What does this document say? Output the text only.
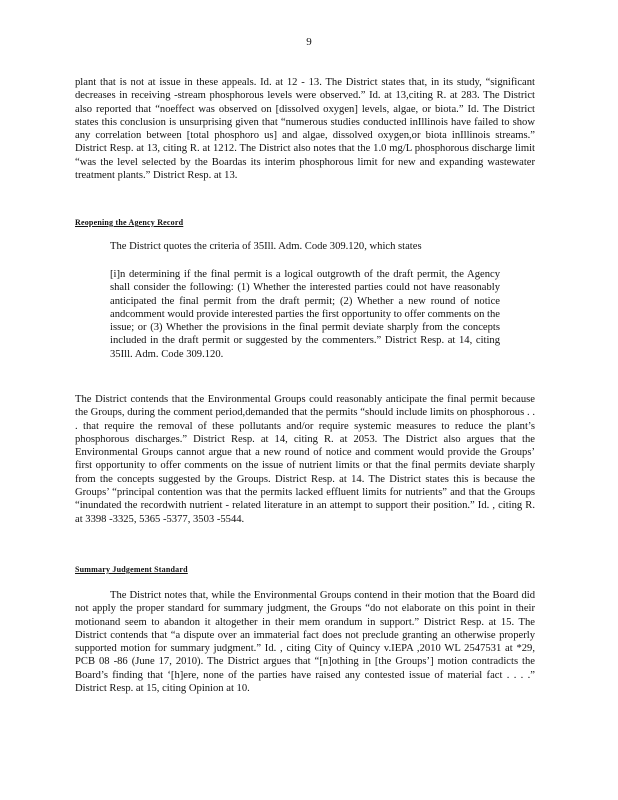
9

plant that is not at issue in these appeals. Id. at 12 - 13. The District states that, in its study, “significant decreases in receiving -stream phosphorous levels were observed.” Id. at 13,citing R. at 283. The District also reported that “noeffect was observed on [dissolved oxygen] levels, algae, or biota.” Id. The District states this conclusion is unsurprising given that “numerous studies conducted inIllinois have failed to show any correlation between [total phosphoro us] and algae, dissolved oxygen,or biota inIllinois streams.” District Resp. at 13, citing R. at 1212. The District also notes that the 1.0 mg/L phosphorous discharge limit “was the level selected by the Boardas its interim phosphorous limit for new and expanding wastewater treatment plants.” District Resp. at 13.

Reopening the Agency Record

The District quotes the criteria of 35Ill. Adm. Code 309.120, which states

[i]n determining if the final permit is a logical outgrowth of the draft permit, the Agency shall consider the following: (1) Whether the interested parties could not have reasonably anticipated the final permit from the draft permit; (2) Whether a new round of notice andcomment would provide interested parties the first opportunity to offer comments on the issue; or (3) Whether the provisions in the final permit deviate sharply from the concepts included in the draft permit or suggested by the commenters.” District Resp. at 14, citing 35Ill. Adm. Code 309.120.

The District contends that the Environmental Groups could reasonably anticipate the final permit because the Groups, during the comment period,demanded that the permits “should include limits on phosphorous . . . that require the removal of these pollutants and/or require systemic measures to reduce the plant’s phosphorous discharges.” District Resp. at 14, citing R. at 2053. The District also argues that the Environmental Groups cannot argue that a new round of notice and comment would provide the Groups’ first opportunity to offer comments on the issue of nutrient limits or that the final permits deviate sharply from the concepts suggested by the Groups. District Resp. at 14. The District states this is because the Groups’ “principal contention was that the permits lacked effluent limits for nutrients” and that the Groups “inundated the recordwith nutrient - related literature in an attempt to support their position.” Id. , citing R. at 3398 -3325, 5365 -5377, 3503 -5544.

Summary Judgement Standard

The District notes that, while the Environmental Groups contend in their motion that the Board did not apply the proper standard for summary judgment, the Groups “do not elaborate on this point in their motionand seem to abandon it altogether in their mem orandum in support.” District Resp. at 15. The District contends that “a dispute over an immaterial fact does not preclude granting an otherwise properly supported motion for summary judgment.” Id. , citing City of Quincy v.IEPA ,2010 WL 2547531 at *29, PCB 08 -86 (June 17, 2010). The District argues that “[n]othing in [the Groups’] motion contradicts the Board’s finding that ‘[h]ere, none of the parties have raised any contested issue of material fact . . . .” District Resp. at 15, citing Opinion at 10.
